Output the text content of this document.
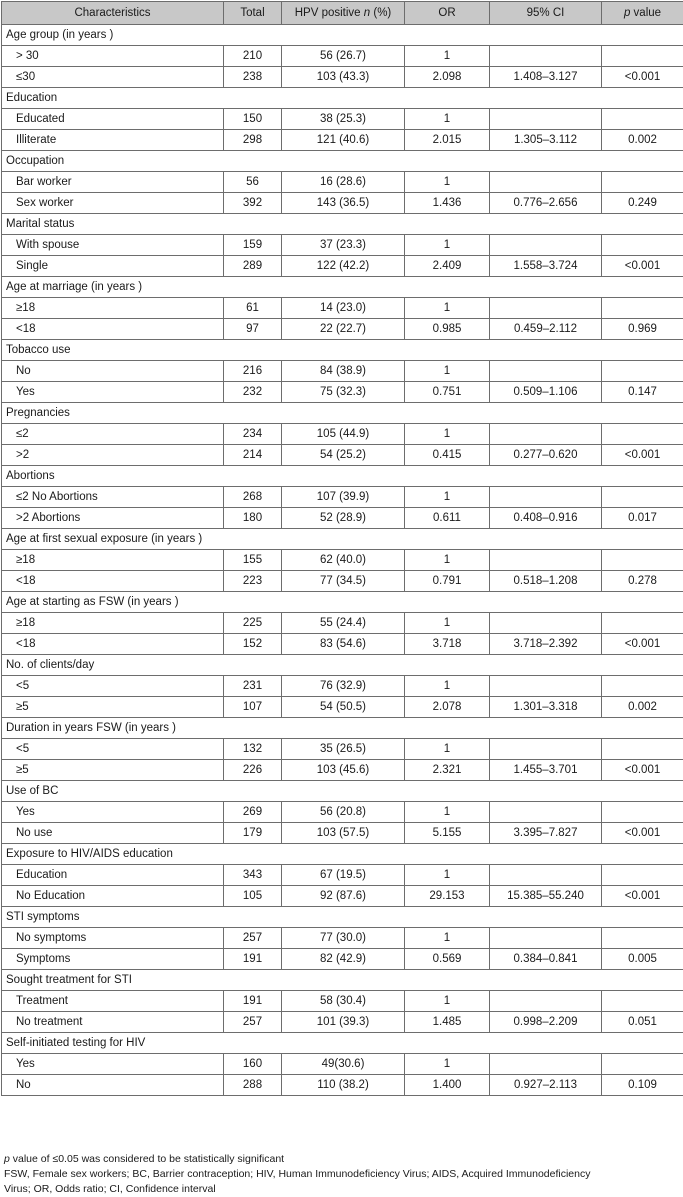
Characteristics	Total	HPV positive n (%)	OR	95% CI	p value
Age group (in years )					
> 30	210	56 (26.7)	1		
≤30	238	103 (43.3)	2.098	1.408–3.127	<0.001
Education					
Educated	150	38 (25.3)	1		
Illiterate	298	121 (40.6)	2.015	1.305–3.112	0.002
Occupation					
Bar worker	56	16 (28.6)	1		
Sex worker	392	143 (36.5)	1.436	0.776–2.656	0.249
Marital status					
With spouse	159	37 (23.3)	1		
Single	289	122 (42.2)	2.409	1.558–3.724	<0.001
Age at marriage (in years )					
≥18	61	14 (23.0)	1		
<18	97	22 (22.7)	0.985	0.459–2.112	0.969
Tobacco use					
No	216	84 (38.9)	1		
Yes	232	75 (32.3)	0.751	0.509–1.106	0.147
Pregnancies					
≤2	234	105 (44.9)	1		
>2	214	54 (25.2)	0.415	0.277–0.620	<0.001
Abortions					
≤2 No Abortions	268	107 (39.9)	1		
>2 Abortions	180	52 (28.9)	0.611	0.408–0.916	0.017
Age at first sexual exposure (in years )					
≥18	155	62 (40.0)	1		
<18	223	77 (34.5)	0.791	0.518–1.208	0.278
Age at starting as FSW (in years )					
≥18	225	55 (24.4)	1		
<18	152	83 (54.6)	3.718	3.718–2.392	<0.001
No. of clients/day					
<5	231	76 (32.9)	1		
≥5	107	54 (50.5)	2.078	1.301–3.318	0.002
Duration in years FSW (in years )					
<5	132	35 (26.5)	1		
≥5	226	103 (45.6)	2.321	1.455–3.701	<0.001
Use of BC					
Yes	269	56 (20.8)	1		
No use	179	103 (57.5)	5.155	3.395–7.827	<0.001
Exposure to HIV/AIDS education					
Education	343	67 (19.5)	1		
No Education	105	92 (87.6)	29.153	15.385–55.240	<0.001
STI symptoms					
No symptoms	257	77 (30.0)	1		
Symptoms	191	82 (42.9)	0.569	0.384–0.841	0.005
Sought treatment for STI					
Treatment	191	58 (30.4)	1		
No treatment	257	101 (39.3)	1.485	0.998–2.209	0.051
Self-initiated testing for HIV					
Yes	160	49(30.6)	1		
No	288	110 (38.2)	1.400	0.927–2.113	0.109
p value of ≤0.05 was considered to be statistically significant
FSW, Female sex workers; BC, Barrier contraception; HIV, Human Immunodeficiency Virus; AIDS, Acquired Immunodeficiency
Virus; OR, Odds ratio; CI, Confidence interval
